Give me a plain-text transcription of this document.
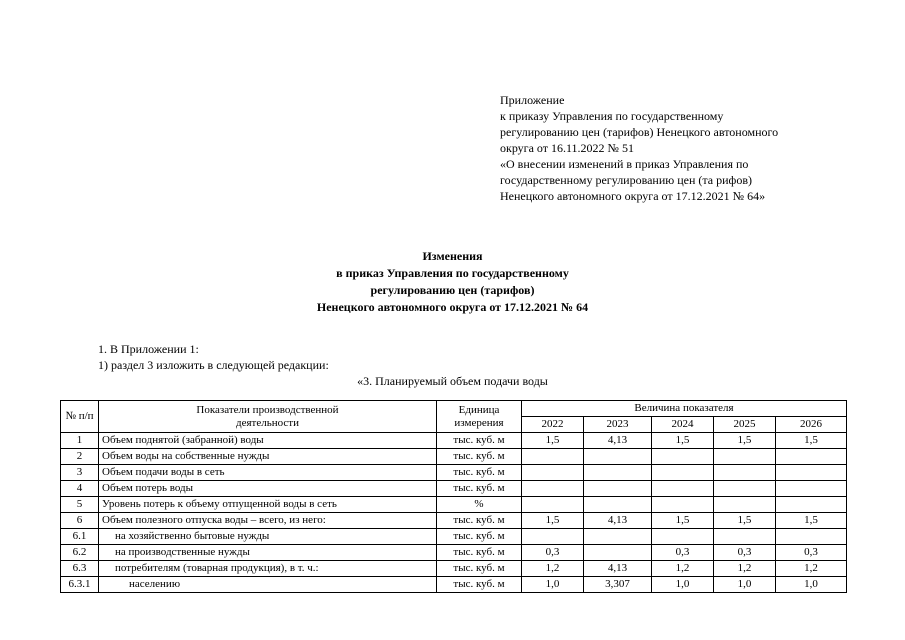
Приложение
к приказу Управления по государственному
регулированию цен (тарифов) Ненецкого автономного
округа от 16.11.2022 № 51
«О внесении изменений в приказ Управления по
государственному регулированию цен (та рифов)
Ненецкого автономного округа от 17.12.2021 № 64»
Изменения
в приказ Управления по государственному
регулированию цен (тарифов)
Ненецкого автономного округа от 17.12.2021 № 64
1. В Приложении 1:
1) раздел 3 изложить в следующей редакции:
«3. Планируемый объем подачи воды
№ п/п	Показатели производственной деятельности	Единица измерения	Величина показателя				
			2022	2023	2024	2025	2026
1	Объем поднятой (забранной) воды	тыс. куб. м	1,5	4,13	1,5	1,5	1,5
2	Объем воды на собственные нужды	тыс. куб. м					
3	Объем подачи воды в сеть	тыс. куб. м					
4	Объем потерь воды	тыс. куб. м					
5	Уровень потерь к объему отпущенной воды в сеть	%					
6	Объем полезного отпуска воды – всего, из него:	тыс. куб. м	1,5	4,13	1,5	1,5	1,5
6.1	на хозяйственно бытовые нужды	тыс. куб. м					
6.2	на производственные нужды	тыс. куб. м	0,3		0,3	0,3	0,3
6.3	потребителям (товарная продукция), в т. ч.:	тыс. куб. м	1,2	4,13	1,2	1,2	1,2
6.3.1	населению	тыс. куб. м	1,0	3,307	1,0	1,0	1,0
